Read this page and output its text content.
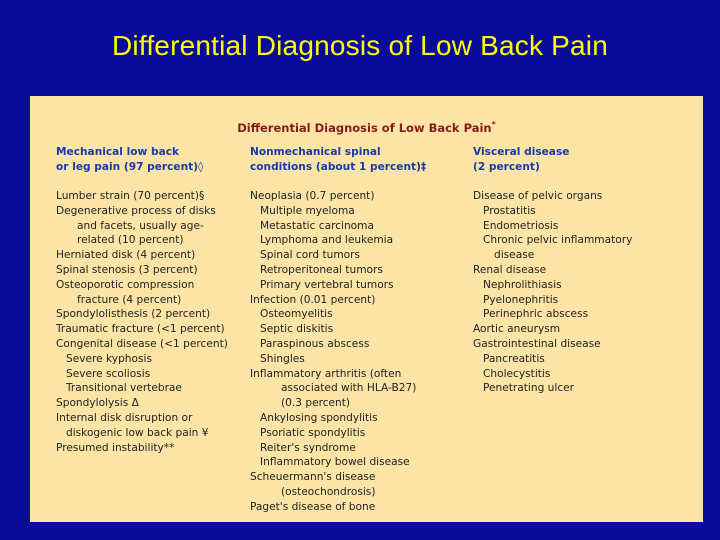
Differential Diagnosis of Low Back Pain
Differential Diagnosis of Low Back Pain*
Mechanical low back
or leg pain (97 percent)◊
Lumber strain (70 percent)§
Degenerative process of disks
and facets, usually age-
related (10 percent)
Herniated disk (4 percent)
Spinal stenosis (3 percent)
Osteoporotic compression
fracture (4 percent)
Spondylolisthesis (2 percent)
Traumatic fracture (<1 percent)
Congenital disease (<1 percent)
Severe kyphosis
Severe scoliosis
Transitional vertebrae
Spondylolysis Δ
Internal disk disruption or
diskogenic low back pain ¥
Presumed instability**
Nonmechanical spinal
conditions (about 1 percent)‡
Neoplasia (0.7 percent)
Multiple myeloma
Metastatic carcinoma
Lymphoma and leukemia
Spinal cord tumors
Retroperitoneal tumors
Primary vertebral tumors
Infection (0.01 percent)
Osteomyelitis
Septic diskitis
Paraspinous abscess
Shingles
Inflammatory arthritis (often
associated with HLA-B27)
(0.3 percent)
Ankylosing spondylitis
Psoriatic spondylitis
Reiter's syndrome
Inflammatory bowel disease
Scheuermann's disease
(osteochondrosis)
Paget's disease of bone
Visceral disease
(2 percent)
Disease of pelvic organs
Prostatitis
Endometriosis
Chronic pelvic inflammatory
disease
Renal disease
Nephrolithiasis
Pyelonephritis
Perinephric abscess
Aortic aneurysm
Gastrointestinal disease
Pancreatitis
Cholecystitis
Penetrating ulcer
